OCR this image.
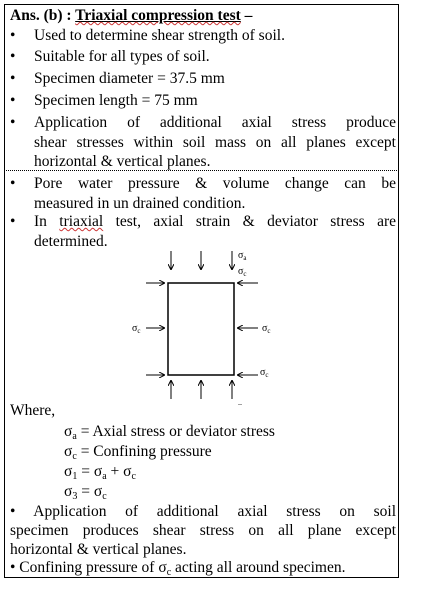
Ans. (b) : Triaxial compression test –
•	Used to determine shear strength of soil.
•	Suitable for all types of soil.
•	Specimen diameter = 37.5 mm
•	Specimen length = 75 mm
•	Application of additional axial stress produce
shear stresses within soil mass on all planes except
horizontal & vertical planes.
•	Pore water pressure & volume change can be
measured in un drained condition.
•	In triaxial test, axial strain & deviator stress are
determined.
$\sigma_a$
$\sigma_c$
$\sigma_c$	$\sigma_c$
$\sigma_c$
..
Where,
$\sigma_a$ = Axial stress or deviator stress
$\sigma_c$ = Confining pressure
$\sigma_1 = \sigma_a + \sigma_c$
$\sigma_3 = \sigma_c$
• Application of additional axial stress on soil
specimen produces shear stress on all plane except
horizontal & vertical planes.
• Confining pressure of $\sigma_c$ acting all around specimen.
